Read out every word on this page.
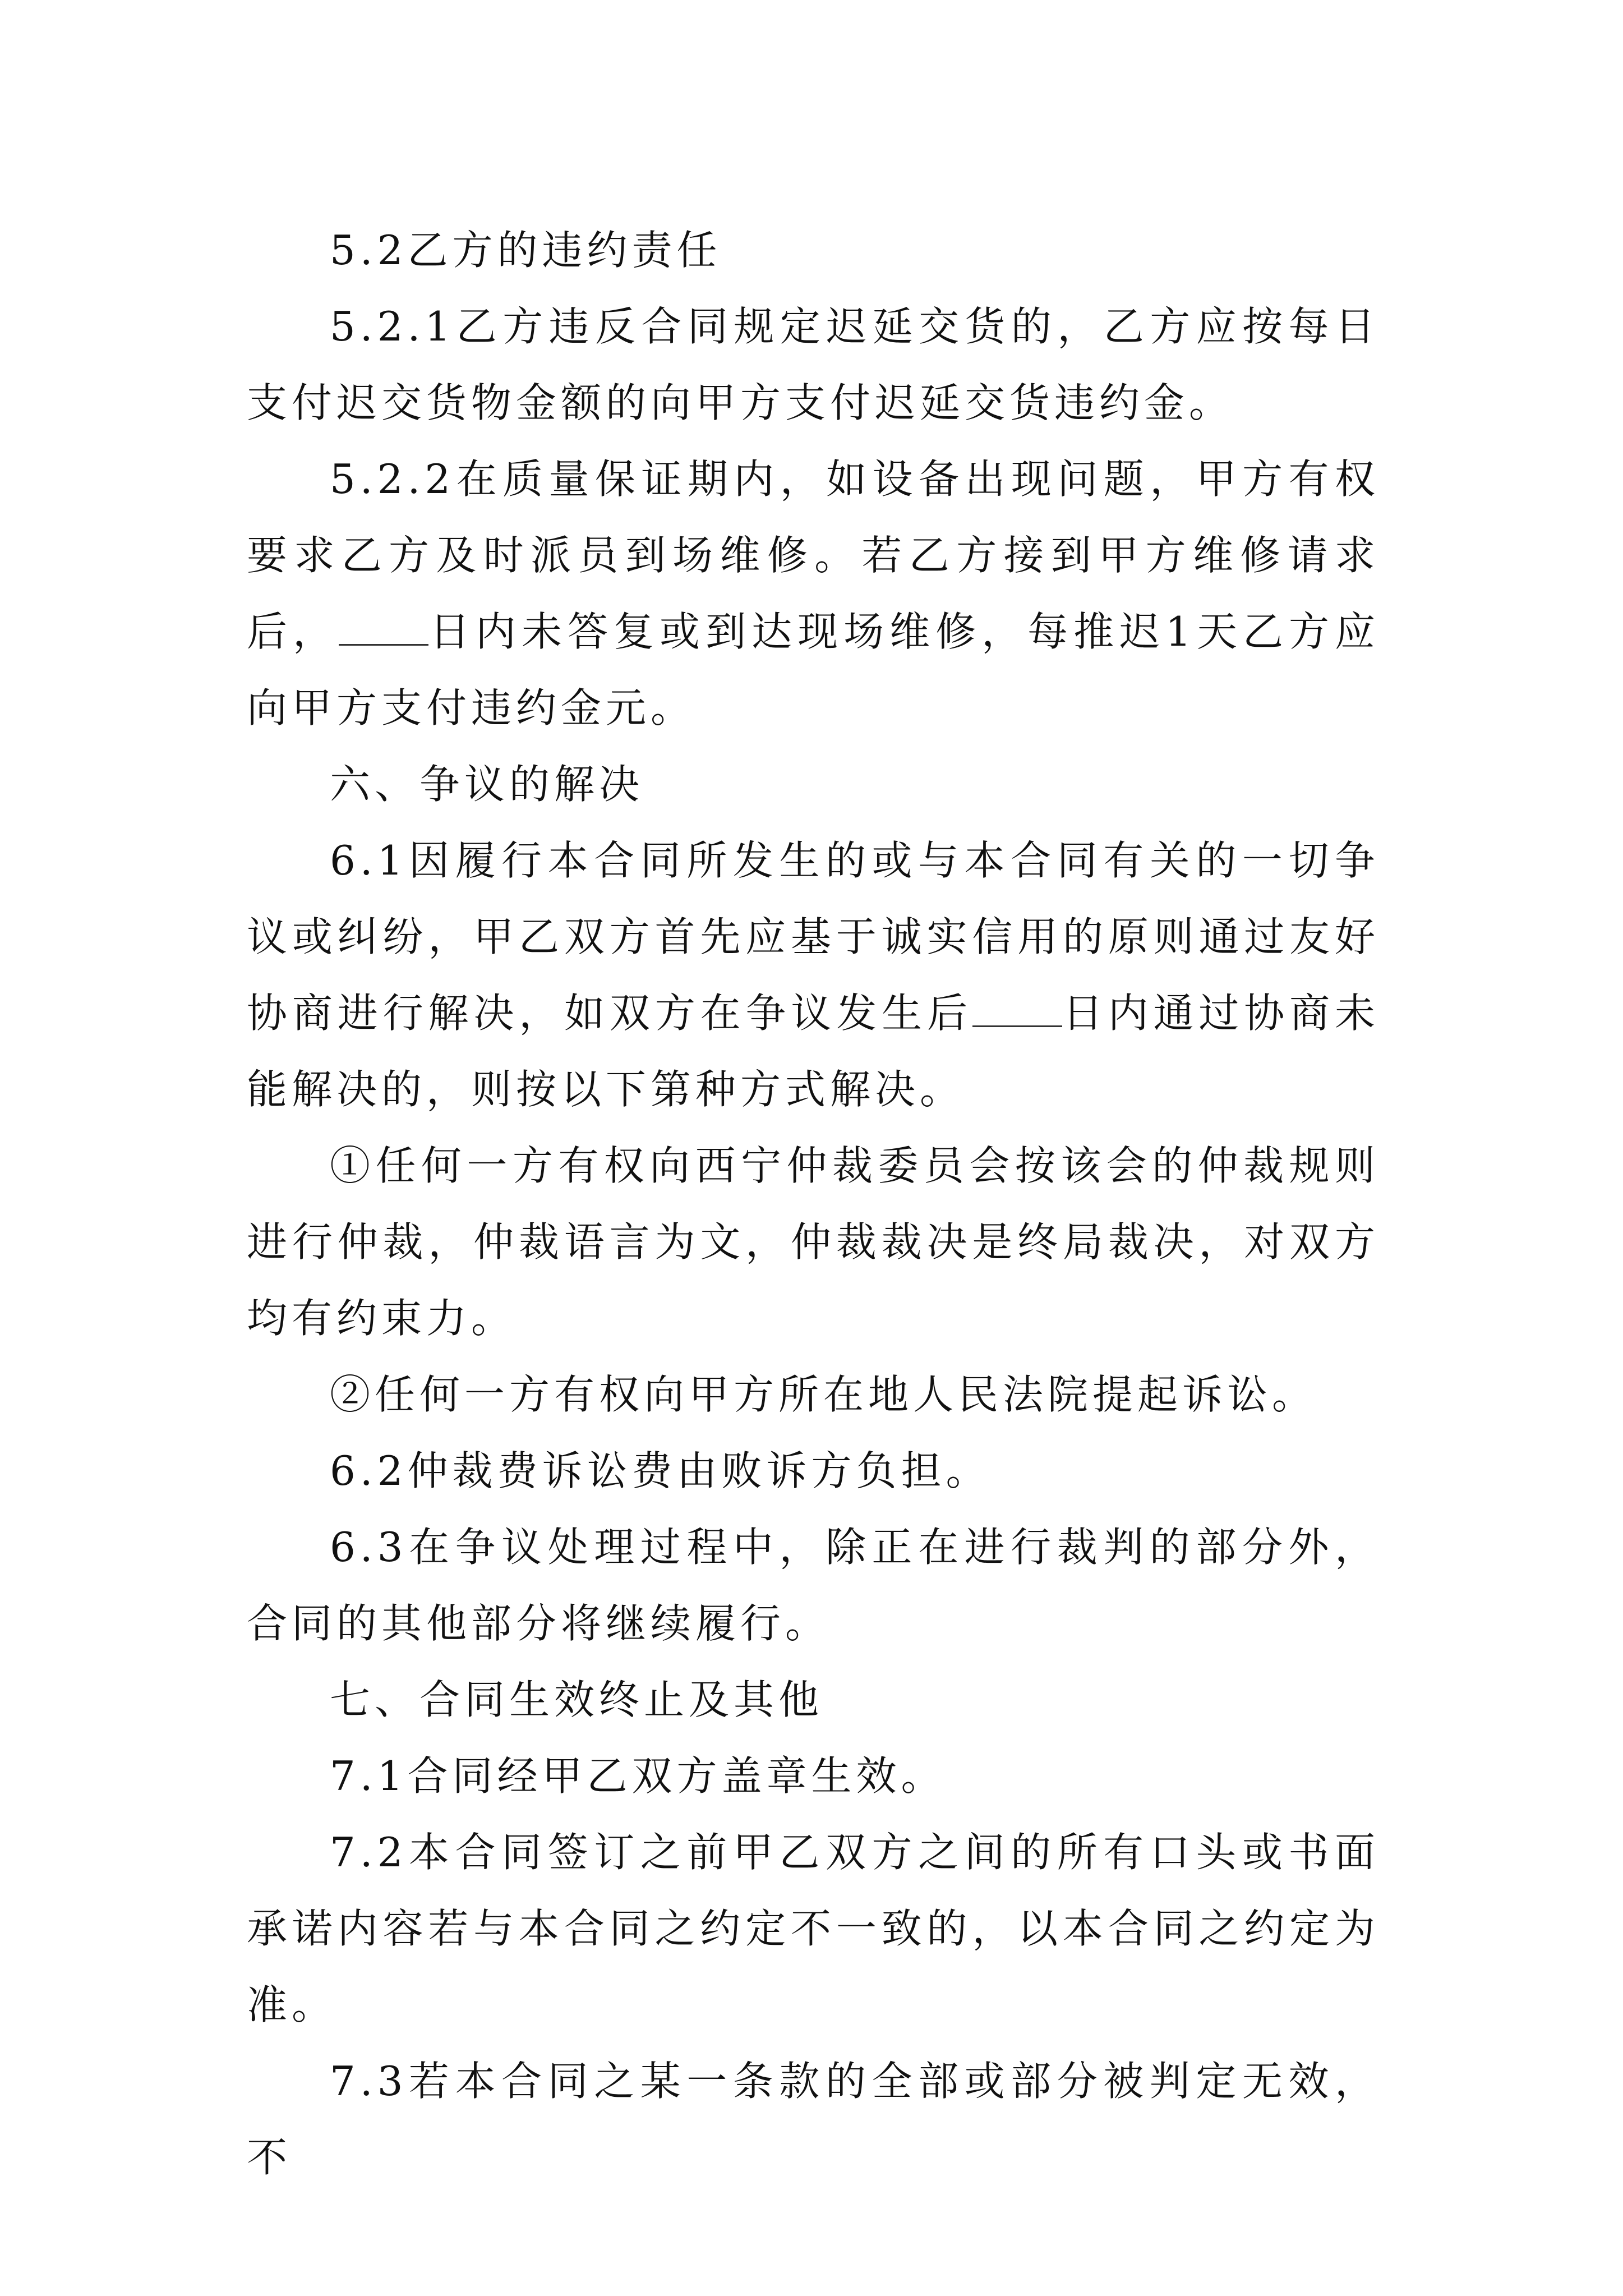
5.2乙方的违约责任

5.2.1乙方违反合同规定迟延交货的，乙方应按每日支付迟交货物金额的向甲方支付迟延交货违约金。

5.2.2在质量保证期内，如设备出现问题，甲方有权要求乙方及时派员到场维修。若乙方接到甲方维修请求后， 日内未答复或到达现场维修，每推迟1天乙方应向甲方支付违约金元。

六、争议的解决

6.1因履行本合同所发生的或与本合同有关的一切争议或纠纷，甲乙双方首先应基于诚实信用的原则通过友好协商进行解决，如双方在争议发生后 日内通过协商未能解决的，则按以下第种方式解决。

①任何一方有权向西宁仲裁委员会按该会的仲裁规则进行仲裁，仲裁语言为文，仲裁裁决是终局裁决，对双方均有约束力。

②任何一方有权向甲方所在地人民法院提起诉讼。

6.2仲裁费诉讼费由败诉方负担。

6.3在争议处理过程中，除正在进行裁判的部分外，合同的其他部分将继续履行。

七、合同生效终止及其他

7.1合同经甲乙双方盖章生效。

7.2本合同签订之前甲乙双方之间的所有口头或书面承诺内容若与本合同之约定不一致的，以本合同之约定为准。

7.3若本合同之某一条款的全部或部分被判定无效，不
